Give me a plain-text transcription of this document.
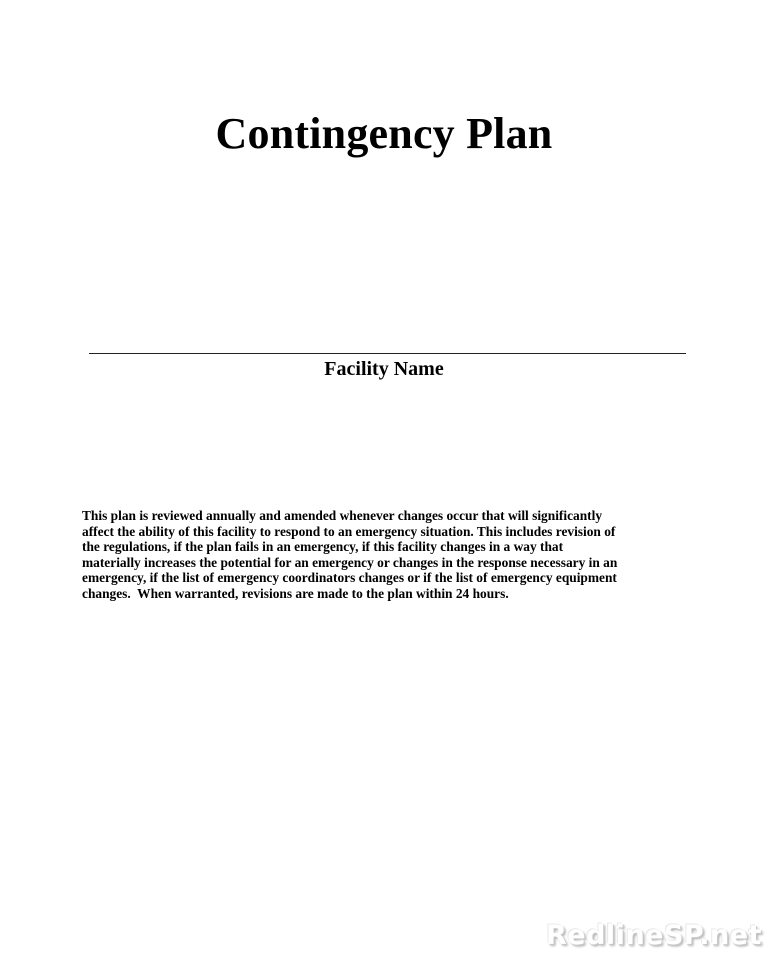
Contingency Plan
Facility Name
This plan is reviewed annually and amended whenever changes occur that will significantly
affect the ability of this facility to respond to an emergency situation. This includes revision of
the regulations, if the plan fails in an emergency, if this facility changes in a way that
materially increases the potential for an emergency or changes in the response necessary in an
emergency, if the list of emergency coordinators changes or if the list of emergency equipment
changes.  When warranted, revisions are made to the plan within 24 hours.
RedlineSP.net
